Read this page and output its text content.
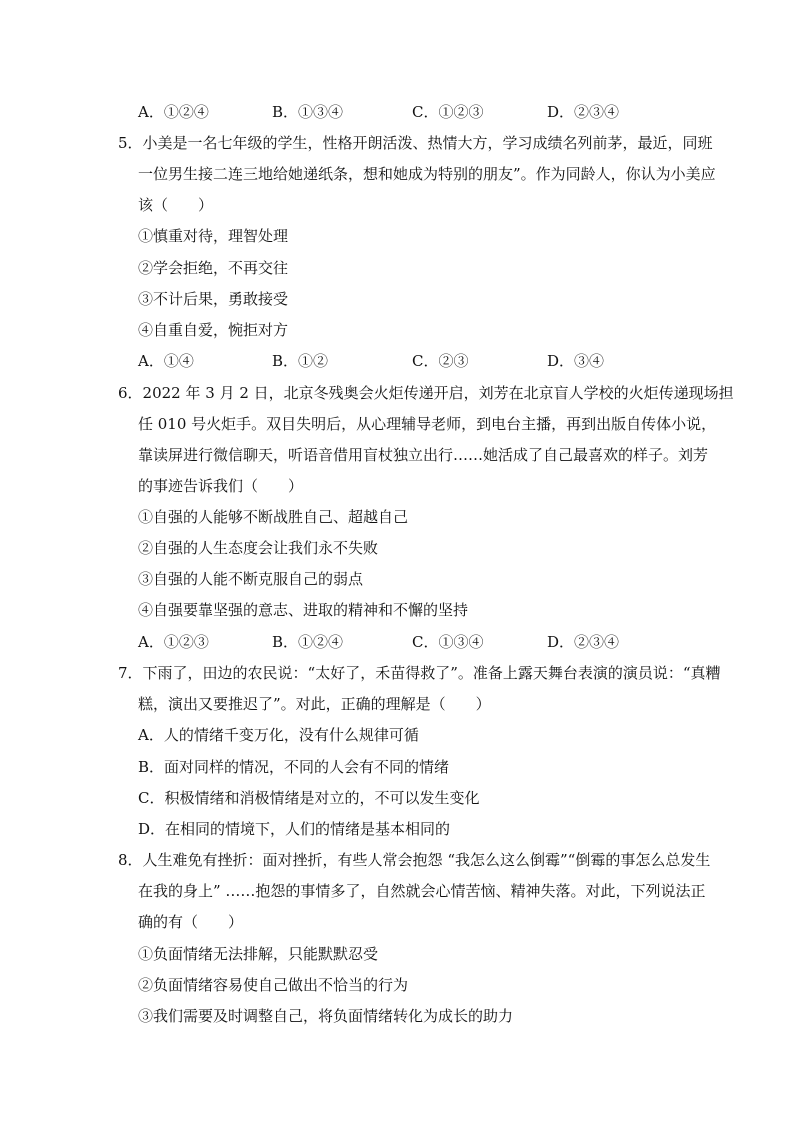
A．①②④	B．①③④	C．①②③	D．②③④
5．小美是一名七年级的学生，性格开朗活泼、热情大方，学习成绩名列前茅，最近，同班
一位男生接二连三地给她递纸条，想和她成为特别的朋友”。作为同龄人，你认为小美应
该（　　）
①慎重对待，理智处理
②学会拒绝，不再交往
③不计后果，勇敢接受
④自重自爱，惋拒对方
A．①④	B．①②	C．②③	D．③④
6．2022 年 3 月 2 日，北京冬残奥会火炬传递开启，刘芳在北京盲人学校的火炬传递现场担
任 010 号火炬手。双目失明后，从心理辅导老师，到电台主播，再到出版自传体小说，
靠读屏进行微信聊天，听语音借用盲杖独立出行……她活成了自己最喜欢的样子。刘芳
的事迹告诉我们（　　）
①自强的人能够不断战胜自己、超越自己
②自强的人生态度会让我们永不失败
③自强的人能不断克服自己的弱点
④自强要靠坚强的意志、进取的精神和不懈的坚持
A．①②③	B．①②④	C．①③④	D．②③④
7．下雨了，田边的农民说：“太好了，禾苗得救了”。准备上露天舞台表演的演员说：“真糟
糕，演出又要推迟了”。对此，正确的理解是（　　）
A．人的情绪千变万化，没有什么规律可循
B．面对同样的情况，不同的人会有不同的情绪
C．积极情绪和消极情绪是对立的，不可以发生变化
D．在相同的情境下，人们的情绪是基本相同的
8．人生难免有挫折：面对挫折，有些人常会抱怨 “我怎么这么倒霉”“倒霉的事怎么总发生
在我的身上” ……抱怨的事情多了，自然就会心情苦恼、精神失落。对此，下列说法正
确的有（　　）
①负面情绪无法排解，只能默默忍受
②负面情绪容易使自己做出不恰当的行为
③我们需要及时调整自己，将负面情绪转化为成长的助力
